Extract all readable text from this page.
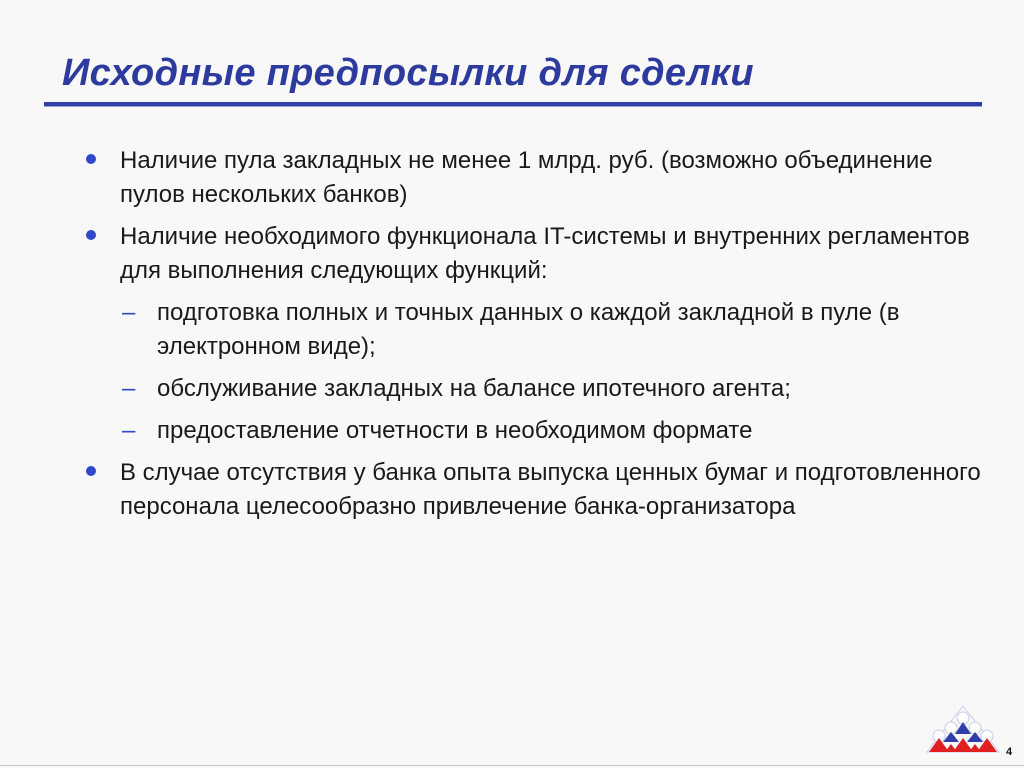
Исходные предпосылки для сделки
Наличие пула закладных не менее 1 млрд. руб. (возможно объединение пулов нескольких банков)
Наличие необходимого функционала IT-системы и внутренних регламентов для выполнения следующих функций:
– подготовка полных и точных данных о каждой закладной в пуле (в электронном виде);
– обслуживание закладных на балансе ипотечного агента;
– предоставление отчетности в необходимом формате
В случае отсутствия у банка опыта выпуска ценных бумаг и подготовленного персонала целесообразно привлечение банка-организатора
4
